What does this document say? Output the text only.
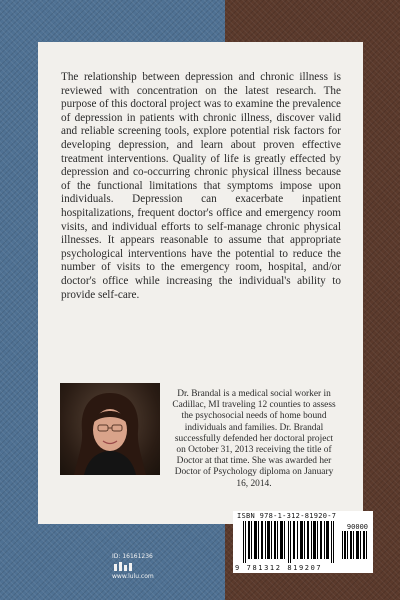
The relationship between depression and chronic illness is reviewed with concentration on the latest research. The purpose of this doctoral project was to examine the prevalence of depression in patients with chronic illness, discover valid and reliable screening tools, explore potential risk factors for developing depression, and learn about proven effective treatment interventions. Quality of life is greatly effected by depression and co-occurring chronic physical illness because of the functional limitations that symptoms impose upon individuals. Depression can exacerbate inpatient hospitalizations, frequent doctor's office and emergency room visits, and individual efforts to self-manage chronic physical illnesses. It appears reasonable to assume that appropriate psychological interventions have the potential to reduce the number of visits to the emergency room, hospital, and/or doctor's office while increasing the individual's ability to provide self-care.

Dr. Brandal is a medical social worker in Cadillac, MI traveling 12 counties to assess the psychosocial needs of home bound individuals and families. Dr. Brandal successfully defended her doctoral project on October 31, 2013 receiving the title of Doctor at that time. She was awarded her Doctor of Psychology diploma on January 16, 2014.

ID: 16161236
www.lulu.com
ISBN 978-1-312-81920-7
90000
9 781312 819207
